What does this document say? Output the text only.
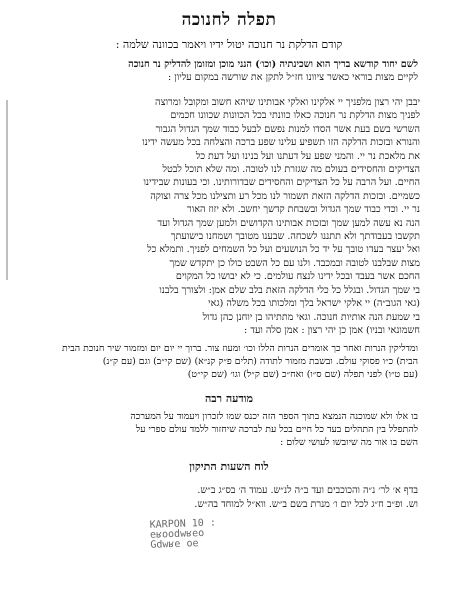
תפלה לחנוכה
קודם הדלקת נר חנוכה יטול ידיו ויאמר בכוונה שלמה :

לשם יחוד קודשא בריך הוא ושכינתיה (וכו׳) הנני מוכן ומזומן להדליק נר חנוכה

לקיים מצות בוראי כאשר ציוונו חז״ל לתקן את שורשה במקום עליון :

יבבן יהי רצון מלפניך יי אלקינו ואלקי אבותינו שיהא חשוב ומקובל ומרוצה

לפניך מצות הדלקת נר חנוכה כאלו כוונתי בכל הכוונות שכוונו חכמים

השרשי בשם בעת אשר הסדו למנות נפשם לבעל כבוד שמך הגדול הגבור

והנורא ובזכות הדלקה הזו תשפיע עלינו שפע ברכה והצלחה בכל מעשה ידינו

את מלאכת נר יי. והמני שפע על דעתנו ועל בנינו ועל דעת כל

הצדיקים והחסידים בעולם מה שגזרת לנו לטובה. ומה שלא תוכל לבטל

החיים. ועל הרבה על כל הצדיקים והחסידים שבדורותינו. וכי בעונות שבידינו

כשמיים. ובזכות הדלקה הזאת תשמור לנו מכל רע ותצילנו מכל צרה וצוקה

נר יי. וכדי כבוד שמך הגדול ובשבחת קדשך יחשב. ולא יזוז האור

הנה נא עשה למען שמך ובזכות אבותינו הקדושים ולמען שמך הגדול ועד

תקשבו בעבודתך ולא תתננו לשכחה. שבענו מטובך ושמחנו בישועתך

ואל יעצר בעדו טובך על יד כל הנושעים ועל כל השמחים לפניך. ותמלא כל

מצות שבלבנו לטובה ובמכבד. ולנו עם כל השבט כולו כן יתקדש שמך

החכם אשר בעבד ובכל ידינו לנצח עולמים. כי לא יבושו כל המקוים

בי שמך הגדול. ובגלל כל כלי הדלקה הזאת בלב שלם אמן: ולצורך בלבנו

(גאי הגוב״ה) יי אלקי ישראל בלך ומלכותו בכל משלה (גאי

בי שמעת הנה אותיות חנוכה. וגאי מתתיהו בן יוחנן כהן גדול

חשמונאי ובניו) אמן כן יהי רצון : אמן סלה ועד :

ומדליקין הנרות ואחר כך אומרים הנרות הללו וכו׳ ומעוז צור. ברוך יי יום יום ומזמור שיר חנוכת הבית
הבית) כ״ו פסוקי עולם. ובשבת מזמור לתודה (תלים פ״ק קנ״א) (שם קי״ב) וגם (עם ק״נ)
(עם ט״ו) לפני תפלה (שם ס״ו) ואח״כ (שם ק״ל) וגו׳ (שם קי״ט)
מודעה רבה
בו אלו ולא שמוכנה הנמצא בתוך הספר הזה יכנס שמו לזכרון ויעמוד על המערכה
להתפלל בין התהלים בעד כל חיים בכל עת לברכה שיחזור ללמד עולם ספרי על
השם בו אור מה שיובשו לעושי שלום :
לוח השעות התיקון
בדף א׳ לר׳ נ״ה והכוכבים ועד ב״ה לנ״ש. עמוד ה׳ בס״ג ב״ש.
וש. ופ״ב ח״ג לכל יום ו׳ מנרת בשם ב״ש. ווא״ל למוחד בה״ש.
KARPON 10 :
eʁoodwʁeo
Gdwʁe oe
